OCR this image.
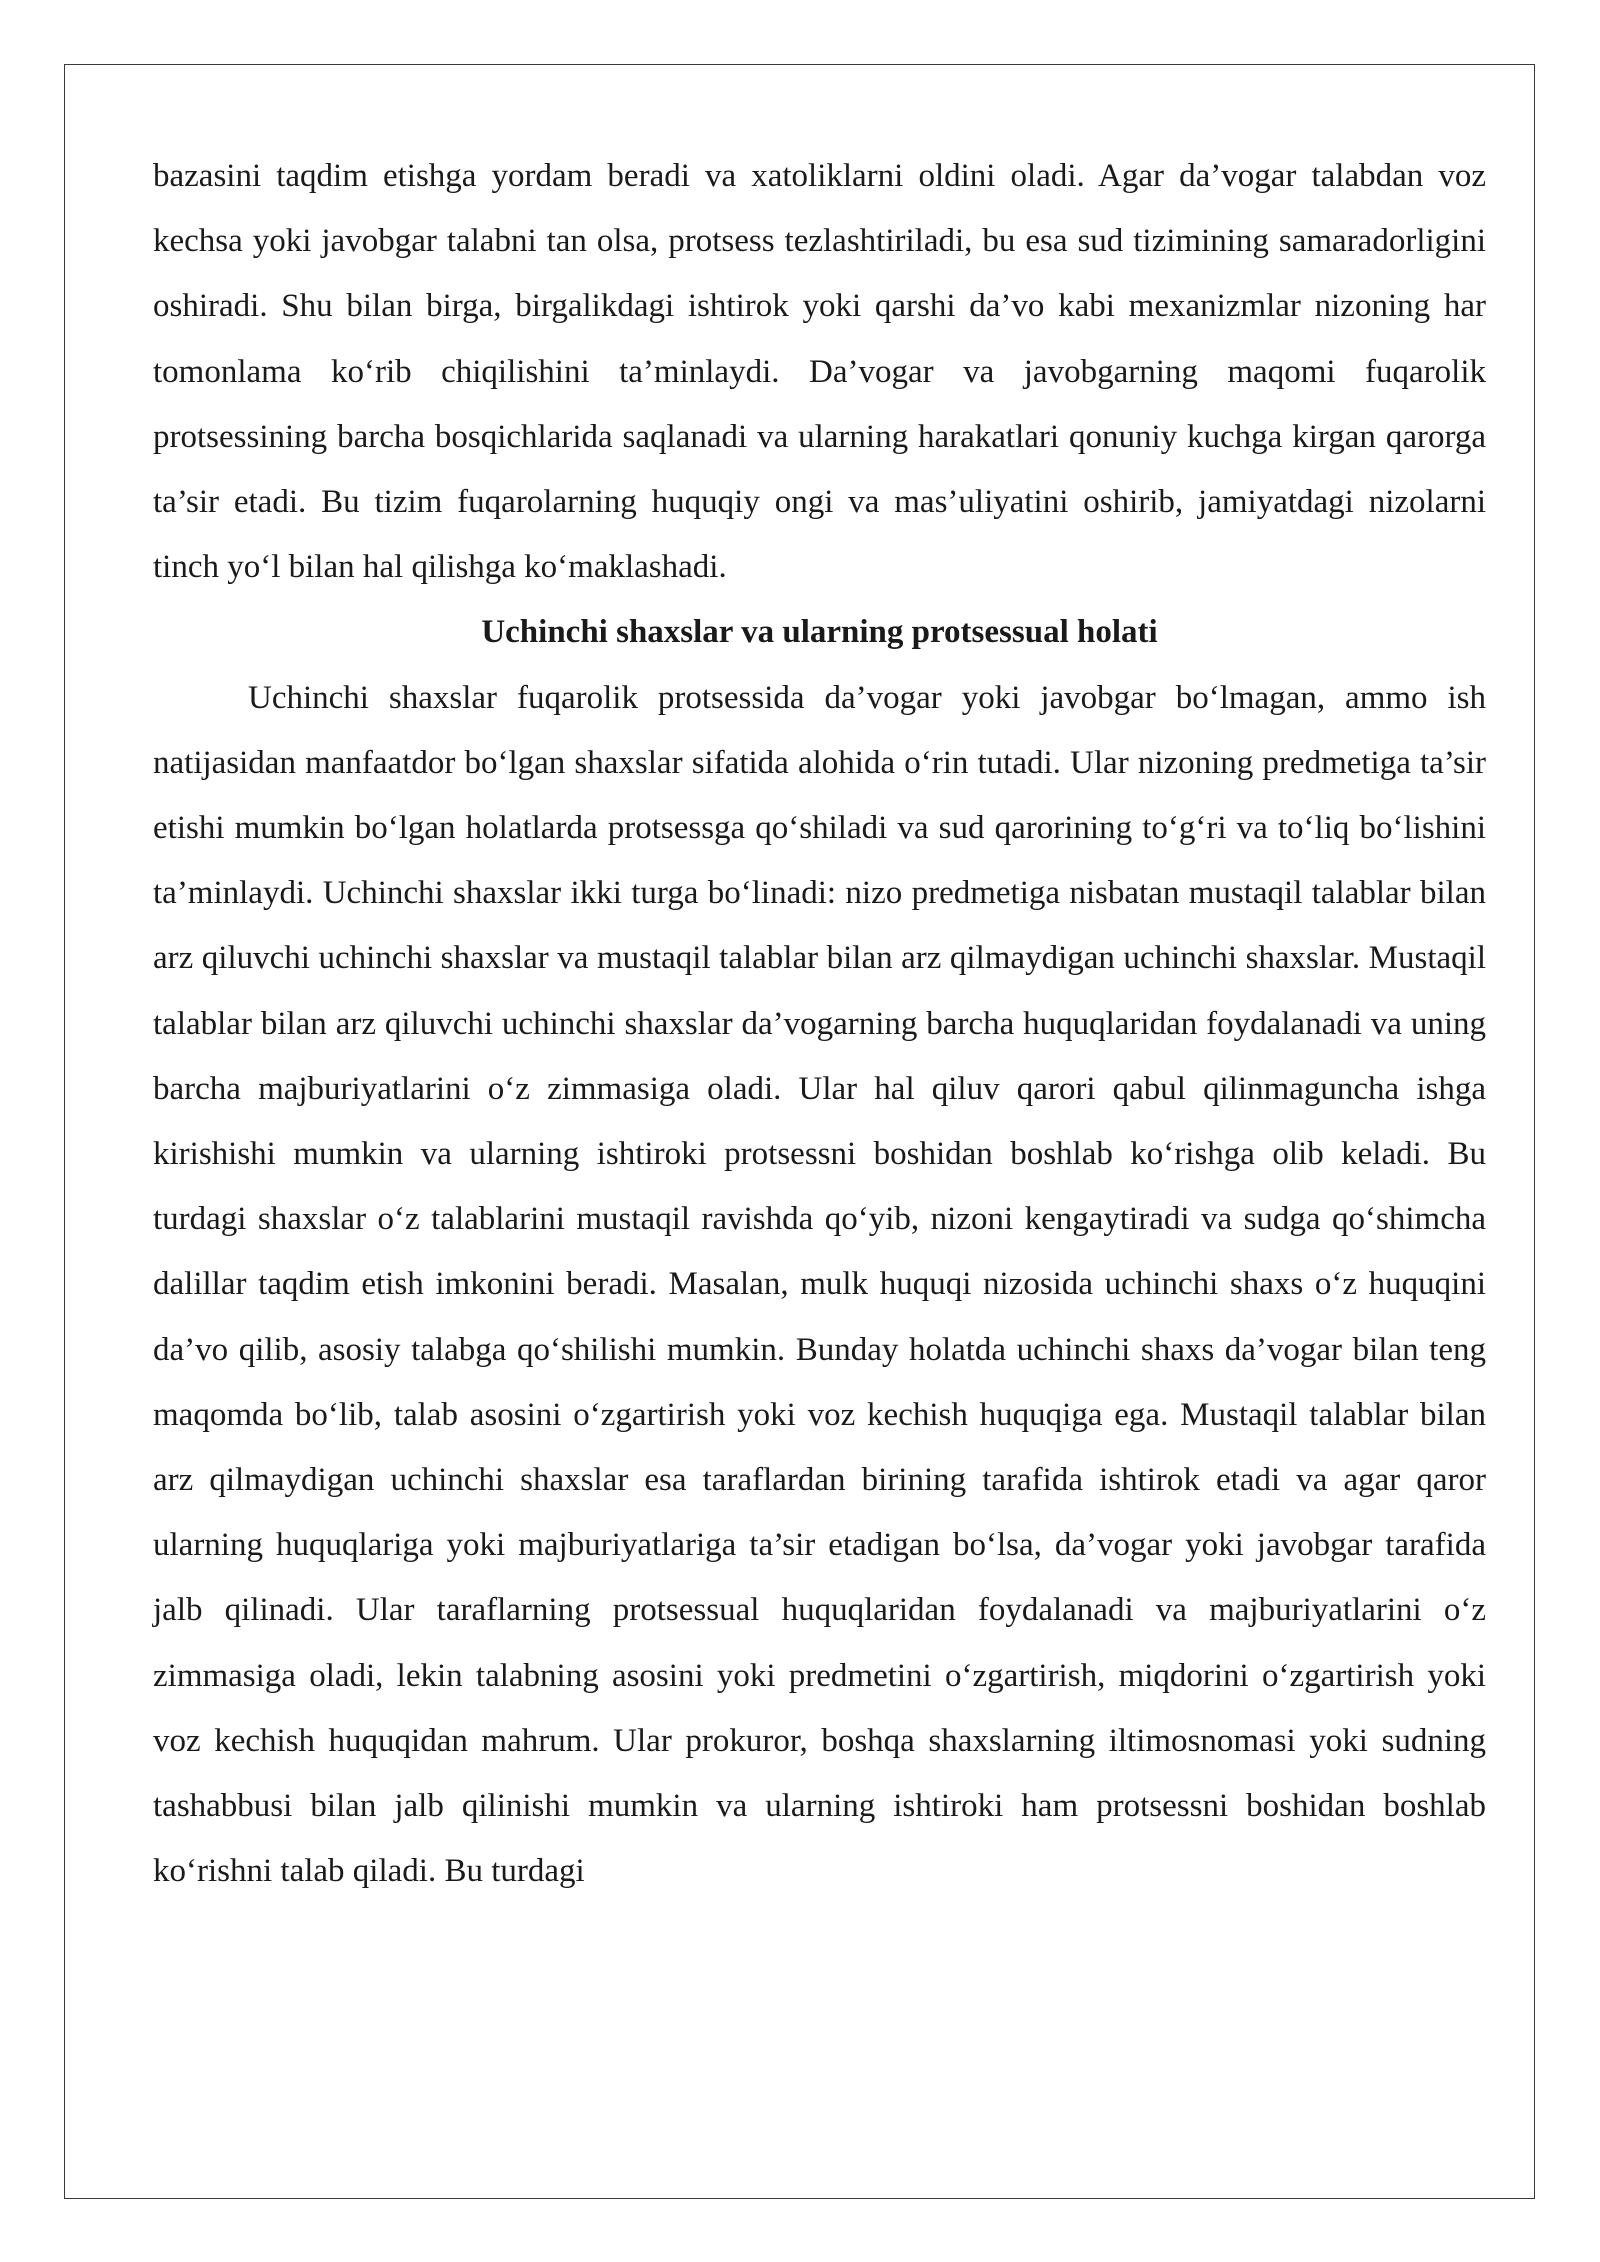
bazasini taqdim etishga yordam beradi va xatoliklarni oldini oladi. Agar da’vogar talabdan voz kechsa yoki javobgar talabni tan olsa, protsess tezlashtiriladi, bu esa sud tizimining samaradorligini oshiradi. Shu bilan birga, birgalikdagi ishtirok yoki qarshi da’vo kabi mexanizmlar nizoning har tomonlama ko‘rib chiqilishini ta’minlaydi. Da’vogar va javobgarning maqomi fuqarolik protsessining barcha bosqichlarida saqlanadi va ularning harakatlari qonuniy kuchga kirgan qarorga ta’sir etadi. Bu tizim fuqarolarning huquqiy ongi va mas’uliyatini oshirib, jamiyatdagi nizolarni tinch yo‘l bilan hal qilishga ko‘maklashadi.

Uchinchi shaxslar va ularning protsessual holati

Uchinchi shaxslar fuqarolik protsessida da’vogar yoki javobgar bo‘lmagan, ammo ish natijasidan manfaatdor bo‘lgan shaxslar sifatida alohida o‘rin tutadi. Ular nizoning predmetiga ta’sir etishi mumkin bo‘lgan holatlarda protsessga qo‘shiladi va sud qarorining to‘g‘ri va to‘liq bo‘lishini ta’minlaydi. Uchinchi shaxslar ikki turga bo‘linadi: nizo predmetiga nisbatan mustaqil talablar bilan arz qiluvchi uchinchi shaxslar va mustaqil talablar bilan arz qilmaydigan uchinchi shaxslar. Mustaqil talablar bilan arz qiluvchi uchinchi shaxslar da’vogarning barcha huquqlaridan foydalanadi va uning barcha majburiyatlarini o‘z zimmasiga oladi. Ular hal qiluv qarori qabul qilinmaguncha ishga kirishishi mumkin va ularning ishtiroki protsessni boshidan boshlab ko‘rishga olib keladi. Bu turdagi shaxslar o‘z talablarini mustaqil ravishda qo‘yib, nizoni kengaytiradi va sudga qo‘shimcha dalillar taqdim etish imkonini beradi. Masalan, mulk huquqi nizosida uchinchi shaxs o‘z huquqini da’vo qilib, asosiy talabga qo‘shilishi mumkin. Bunday holatda uchinchi shaxs da’vogar bilan teng maqomda bo‘lib, talab asosini o‘zgartirish yoki voz kechish huquqiga ega. Mustaqil talablar bilan arz qilmaydigan uchinchi shaxslar esa taraflardan birining tarafida ishtirok etadi va agar qaror ularning huquqlariga yoki majburiyatlariga ta’sir etadigan bo‘lsa, da’vogar yoki javobgar tarafida jalb qilinadi. Ular taraflarning protsessual huquqlaridan foydalanadi va majburiyatlarini o‘z zimmasiga oladi, lekin talabning asosini yoki predmetini o‘zgartirish, miqdorini o‘zgartirish yoki voz kechish huquqidan mahrum. Ular prokuror, boshqa shaxslarning iltimosnomasi yoki sudning tashabbusi bilan jalb qilinishi mumkin va ularning ishtiroki ham protsessni boshidan boshlab ko‘rishni talab qiladi. Bu turdagi
